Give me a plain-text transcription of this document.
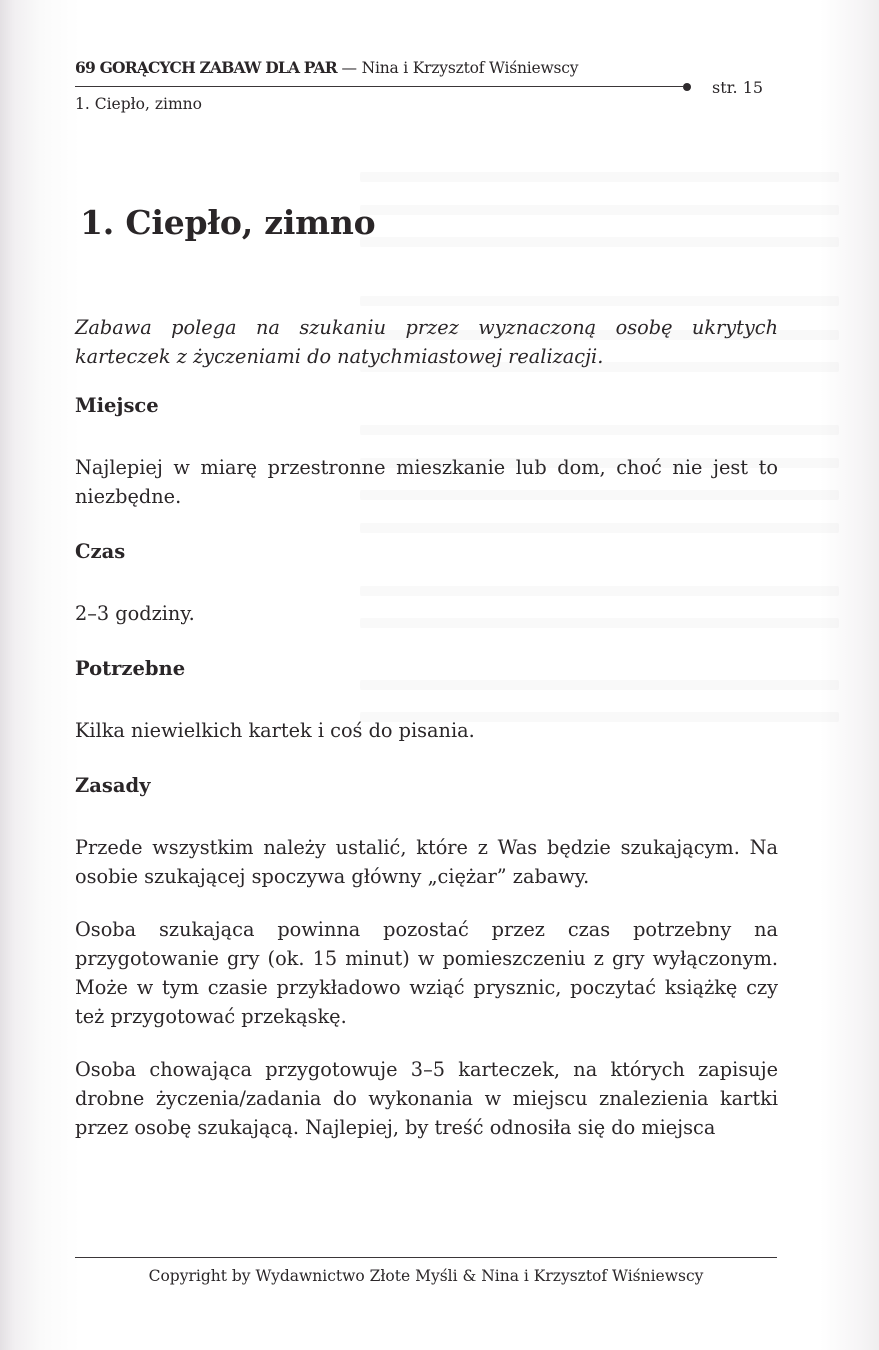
69 GORĄCYCH ZABAW DLA PAR — Nina i Krzysztof Wiśniewscy
str. 15
1. Ciepło, zimno
1. Ciepło, zimno

Zabawa polega na szukaniu przez wyznaczoną osobę ukrytych karteczek z życzeniami do natychmiastowej realizacji.

Miejsce

Najlepiej w miarę przestronne mieszkanie lub dom, choć nie jest to niezbędne.

Czas

2–3 godziny.

Potrzebne

Kilka niewielkich kartek i coś do pisania.

Zasady

Przede wszystkim należy ustalić, które z Was będzie szukającym. Na osobie szukającej spoczywa główny „ciężar” zabawy.

Osoba szukająca powinna pozostać przez czas potrzebny na przygotowanie gry (ok. 15 minut) w pomieszczeniu z gry wyłączonym. Może w tym czasie przykładowo wziąć prysznic, poczytać książkę czy też przygotować przekąskę.

Osoba chowająca przygotowuje 3–5 karteczek, na których zapisuje drobne życzenia/zadania do wykonania w miejscu znalezienia kartki przez osobę szukającą. Najlepiej, by treść odnosiła się do miejsca

Copyright by Wydawnictwo Złote Myśli & Nina i Krzysztof Wiśniewscy
